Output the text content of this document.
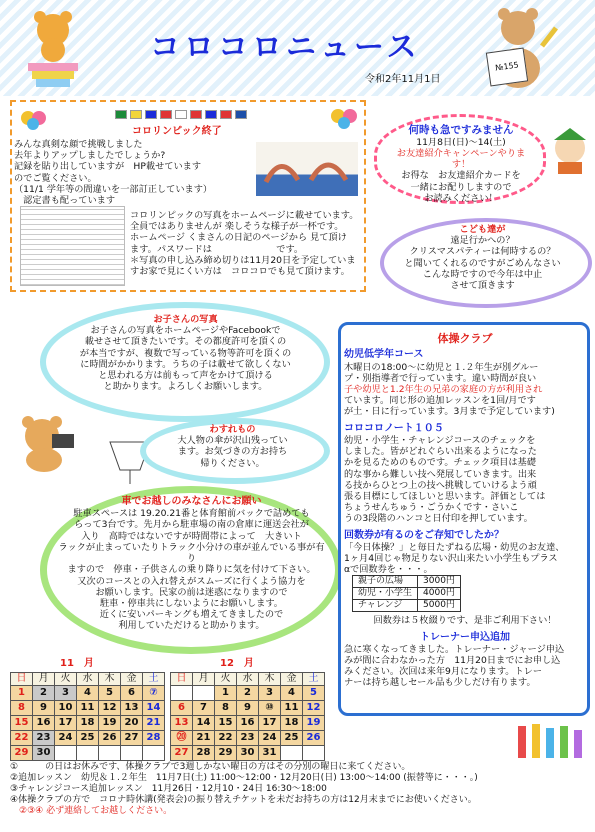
コロコロニュース
令和2年11月1日
№155
コロリンピック終了
みんな真剣な顔で挑戦しました
去年よりアップしましたでしょうか?
記録を貼り出していますが　HP載せています
のでご覧ください。
（11/1 学年等の間違いを一部訂正しています）
　認定書も配っています
コロリンピックの写真をホームページに載せています。
全員ではありませんが 楽しそうな様子が一杯です。
ホームページ くまさんの日記のページから 見て頂け
ます。パスワードは　　　　　　　です。
＊写真の申し込み締め切りは11月20日を予定していま
すお家で見にくい方は　コロコロでも見て頂けます。
何時も急ですみません
11月8日(日)〜14(土)
お友達紹介キャンペーンやります！
お得な　お友達紹介カードを
一緒にお配りしますので
お読みください！
こども達が
遠足行かへの？
クリスマスパティーは何時するの？
と聞いてくれるのですがごめんなさい
こんな時ですので今年は中止
させて頂きます
お子さんの写真
お子さんの写真をホームページやFacebookで
載せさせて頂きたいです。その都度許可を頂くの
が本当ですが、複数で写っている物等許可を頂くの
に時間がかかります。うちの子は載せて欲しくない
と思われる方は前もって声をかけて頂ける
と助かります。よろしくお願いします。
わすれもの
大人物の傘が沢山残ってい
ます。お気づきの方お持ち
帰りください。
車でお越しのみなさんにお願い
駐車スペースは 19.20.21番と体育館前バックで詰めても
らって3台です。先月から駐車場の南の倉庫に運送会社が
入り　高時ではないですが時間帯によって　大きいト
ラックが止まっていたりトラック小分けの車が並んでいる事が有り
ますので　停車・子供さんの乗り降りに気を付けて下さい。
又次のコースとの入れ替えがスムーズに行くよう協力を
お願いします。民家の前は迷惑になりますので
駐車・停車共にしないようにお願いします。
近くに安いパーキングも増えてきましたので
利用していただけると助かります。
体操クラブ
幼児低学年コース
木曜日の18:00〜に幼児と１.２年生が別グルー
プ・別指導者で行っています。違い時間が良い
子や幼児と1.2年生の兄弟の家庭の方が利用され
ています。同じ形の追加レッスンを1回/月です
が土・日に行っています。3月まで予定しています)
コロコロノート１０５
幼児・小学生・チャレンジコースのチェックを
しました。皆がどれぐらい出来るようになった
かを見るためのものです。チェック項目は基礎
的な事から難しい技へ発展していきます。出来
る技からひとつ上の技へ挑戦していけるよう頑
張る目標にしてほしいと思います。評価としては
ちょうせんちゅう・ごうかくです・さいこ
うの3段階のハンコと日付印を押しています。
回数券が有るのをご存知でしたか？
「今日体操？」と毎日たずねる広場・幼児のお友達、
1ヶ月4回じゃ物足りない沢山来たい小学生もプラス
αで回数券を・・・。
親子の広場	3000円
幼児・小学生	4000円
チャレンジ	5000円
回数券は５枚綴りです、是非ご利用下さい！
トレーナー申込追加
急に寒くなってきました。トレーナー・ジャージ申込
みが間に合わなかった方　11月20日までにお申し込
みください。次回は来年9月になります。トレー
ナーは持ち越しセール品も少しだけ有ります。
11　月	12　月
日	月	火	水	木	金	土
1	2	3	4	5	6	⑦
8	9	10	11	12	13	14
15	16	17	18	19	20	21
22	23	24	25	26	27	28
29	30					
日	月	火	水	木	金	土
		1	2	3	4	5
6	7	8	9	⑩	11	12
13	14	15	16	17	18	19
⑳	21	22	23	24	25	26
27	28	29	30	31		
①　　　の日はお休みです、体操クラブで3週しかない曜日の方はその分別の曜日に来てください。
②追加レッスン　幼児＆１.２年生　11月7日(土) 11:00〜12:00・12月20日(日) 13:00〜14:00 (振替等に・・・。)
③チャレンジコース追加レッスン　11月26日・12月10・24日 16:30〜18:00
④体操クラブの方で　コロナ時休講(発表会)の振り替えチケットを未だお持ちの方は12月末までにお使いください。
　②③④ 必ず連絡してお越しください。
